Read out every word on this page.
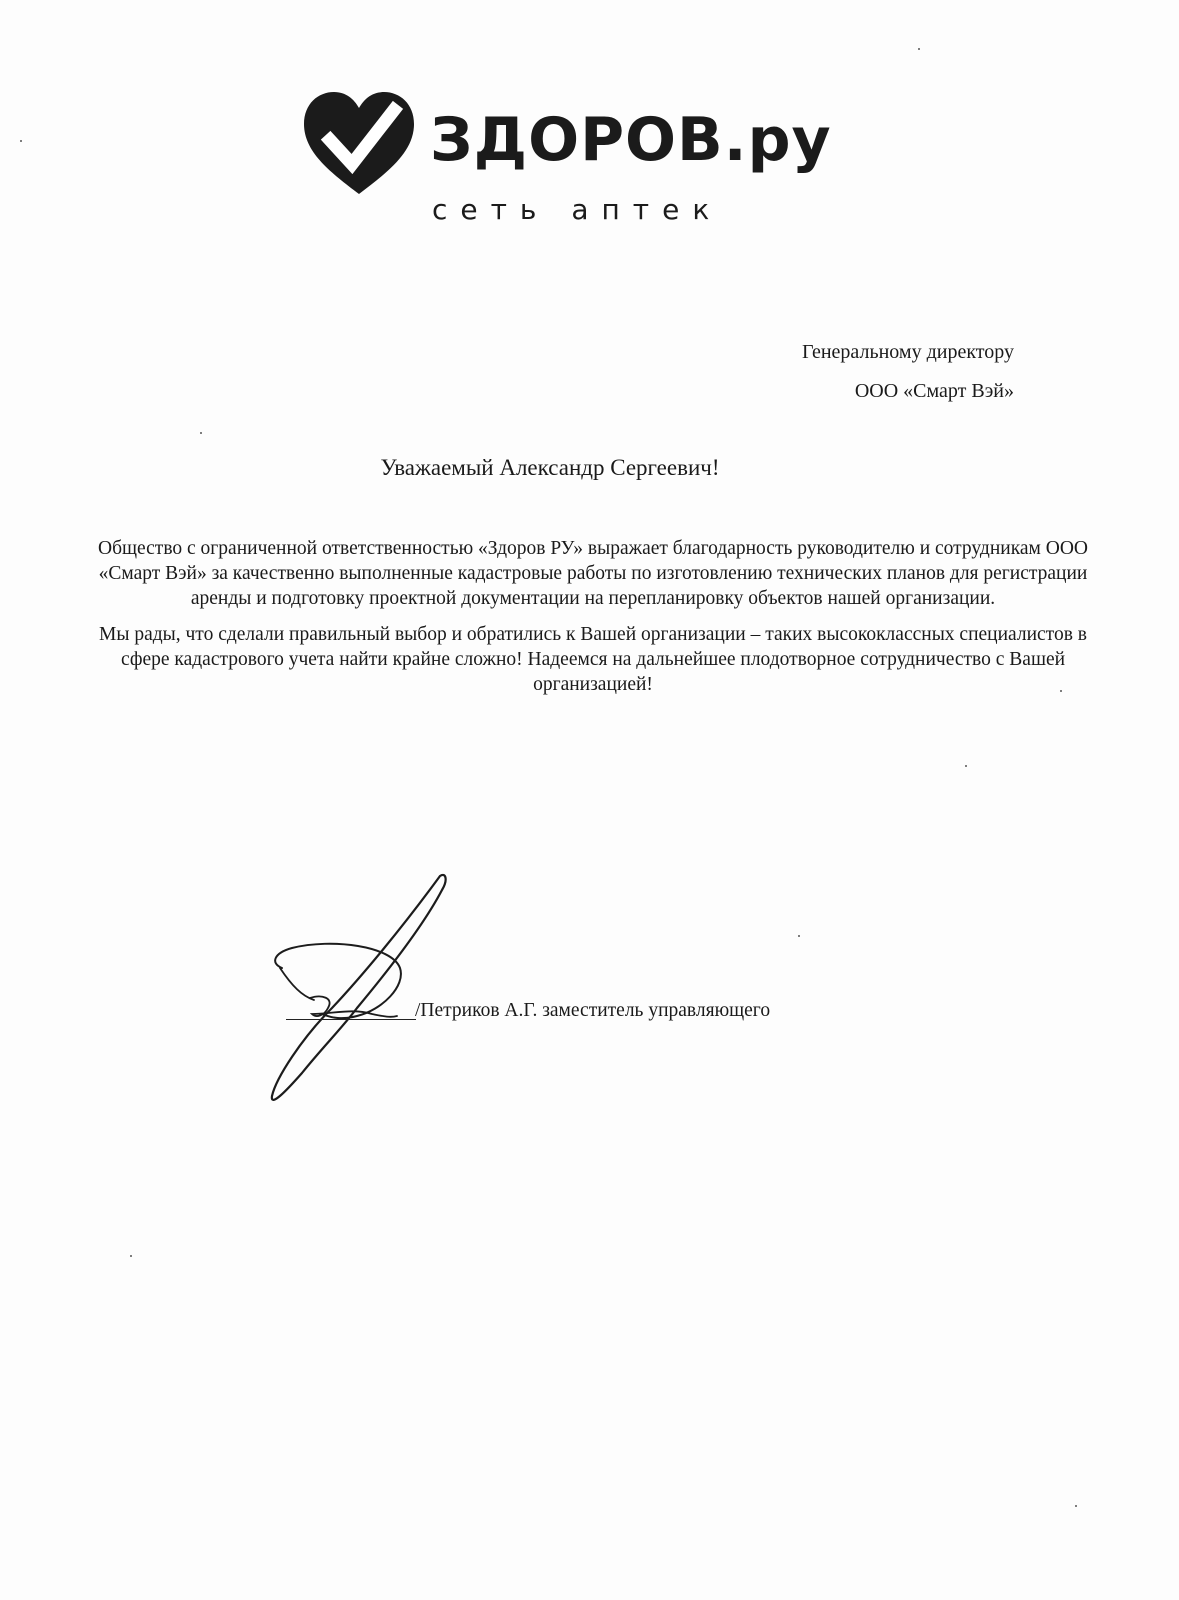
ЗДОРОВ.ру
сеть аптек
Генеральному директору
ООО «Смарт Вэй»
Уважаемый Александр Сергеевич!

Общество с ограниченной ответственностью «Здоров РУ» выражает благодарность руководителю и сотрудникам ООО «Смарт Вэй» за качественно выполненные кадастровые работы по изготовлению технических планов для регистрации аренды и подготовку проектной документации на перепланировку объектов нашей организации.

Мы рады, что сделали правильный выбор и обратились к Вашей организации – таких высококлассных специалистов в сфере кадастрового учета найти крайне сложно! Надеемся на дальнейшее плодотворное сотрудничество с Вашей организацией!

/Петриков А.Г. заместитель управляющего
